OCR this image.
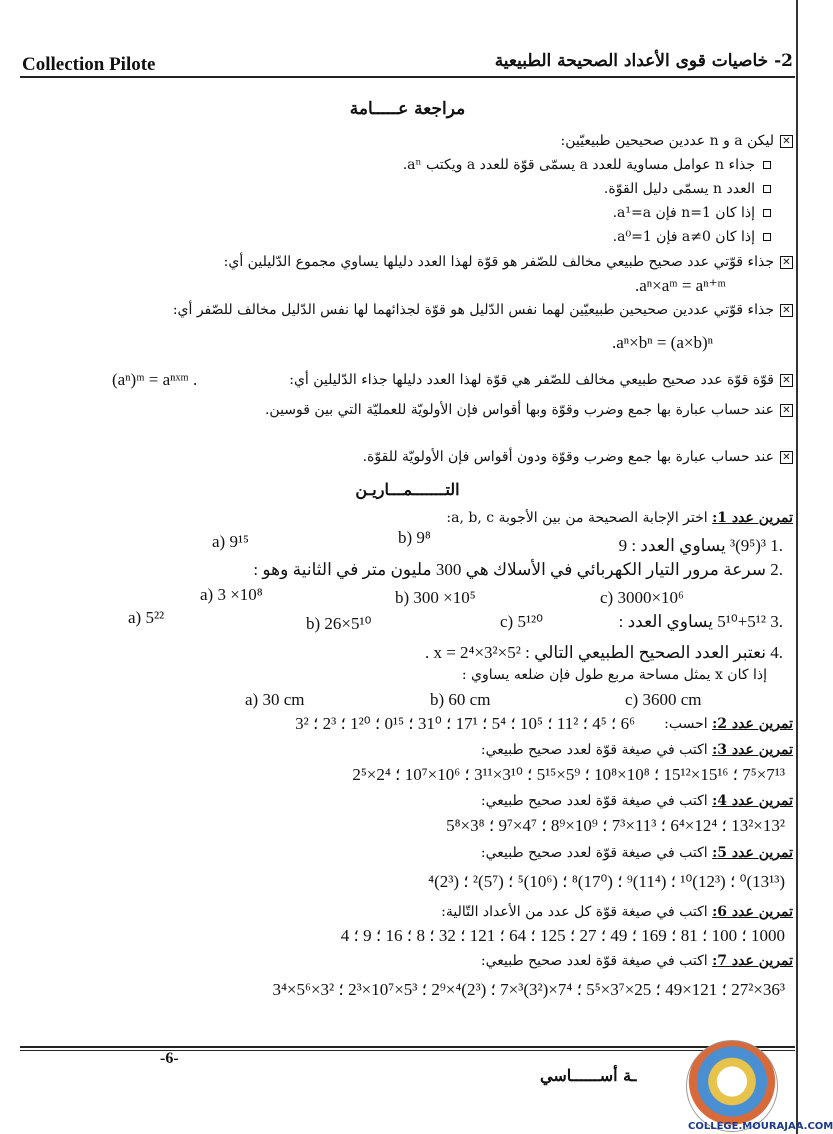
Collection Pilote	2- خاصيات قوى الأعداد الصحيحة الطبيعية
مراجعة عـــــامة
✕ليكن a و n عددين صحيحين طبيعيّين:
جذاء n عوامل مساوية للعدد a يسمّى قوّة للعدد a ويكتب aⁿ.
العدد n يسمّى دليل القوّة.
إذا كان n=1 فإن a¹=a.
إذا كان a≠0 فإن a⁰=1.
✕جذاء قوّتي عدد صحيح طبيعي مخالف للصّفر هو قوّة لهذا العدد دليلها يساوي مجموع الدّليلين أي:
.aⁿ×aᵐ = aⁿ⁺ᵐ
✕جذاء قوّتي عددين صحيحين طبيعيّين لهما نفس الدّليل هو قوّة لجذائهما لها نفس الدّليل مخالف للصّفر أي:
.aⁿ×bⁿ = (a×b)ⁿ
✕قوّة قوّة عدد صحيح طبيعي مخالف للصّفر هي قوّة لهذا العدد دليلها جذاء الدّليلين أي:
(aⁿ)ᵐ = aⁿˣᵐ .
✕عند حساب عبارة بها جمع وضرب وقوّة وبها أقواس فإن الأولويّة للعمليّة التي بين قوسين.
✕عند حساب عبارة بها جمع وضرب وقوّة ودون أقواس فإن الأولويّة للقوّة.
التـــــــمـــاريـن
تمرين عدد 1: اختر الإجابة الصحيحة من بين الأجوبة a, b, c:
.1 ³(9⁵)³ يساوي العدد : 9
a) 9¹⁵	b) 9⁸
.2 سرعة مرور التيار الكهربائي في الأسلاك هي 300 مليون متر في الثانية وهو :
a) 3 ×10⁸	b) 300 ×10⁵	c) 3000×10⁶
.3 5¹⁰+5¹² يساوي العدد :
a) 5²²	b) 26×5¹⁰	c) 5¹²⁰
.4 نعتبر العدد الصحيح الطبيعي التالي : x = 2⁴×3²×5² .
إذا كان x يمثل مساحة مربع طول فإن ضلعه يساوي :
a) 30 cm	b) 60 cm	c) 3600 cm
تمرين عدد 2: احسب:
6⁶ ؛ 4⁵ ؛ 11² ؛ 10⁵ ؛ 5⁴ ؛ 17¹ ؛ 31⁰ ؛ 0¹⁵ ؛ 1²⁰ ؛ 2³ ؛ 3²
تمرين عدد 3: اكتب في صيغة قوّة لعدد صحيح طبيعي:
7¹³×7⁵ ؛ 15¹⁶×15¹² ؛ 10⁸×10⁸ ؛ 5⁹×5¹⁵ ؛ 3¹⁰×3¹¹ ؛ 10⁶×10⁷ ؛ 2⁴×2⁵
تمرين عدد 4: اكتب في صيغة قوّة لعدد صحيح طبيعي:
13²×13² ؛ 12⁴×6⁴ ؛ 11³×7³ ؛ 10⁹×8⁹ ؛ 4⁷×9⁷ ؛ 3⁸×5⁸
تمرين عدد 5: اكتب في صيغة قوّة لعدد صحيح طبيعي:
(13¹³)⁰ ؛ (12³)¹⁰ ؛ (11⁴)⁹ ؛ (17⁰)⁸ ؛ (10⁶)⁵ ؛ (5⁷)² ؛ (2³)⁴
تمرين عدد 6: اكتب في صيغة قوّة كل عدد من الأعداد التّالية:
1000 ؛ 100 ؛ 81 ؛ 169 ؛ 49 ؛ 27 ؛ 125 ؛ 64 ؛ 121 ؛ 32 ؛ 8 ؛ 16 ؛ 9 ؛ 4
تمرين عدد 7: اكتب في صيغة قوّة لعدد صحيح طبيعي:
36³×27² ؛ 121×49 ؛ 25×3⁷×5⁵ ؛ 7⁴×(3²)³×7 ؛ (2³)⁴×2⁹ ؛ 5³×10⁷×2³ ؛ 3²×5⁶×3⁴
-6-
ـة أســــــاسي
COLLEGE.MOURAJAA.COM
